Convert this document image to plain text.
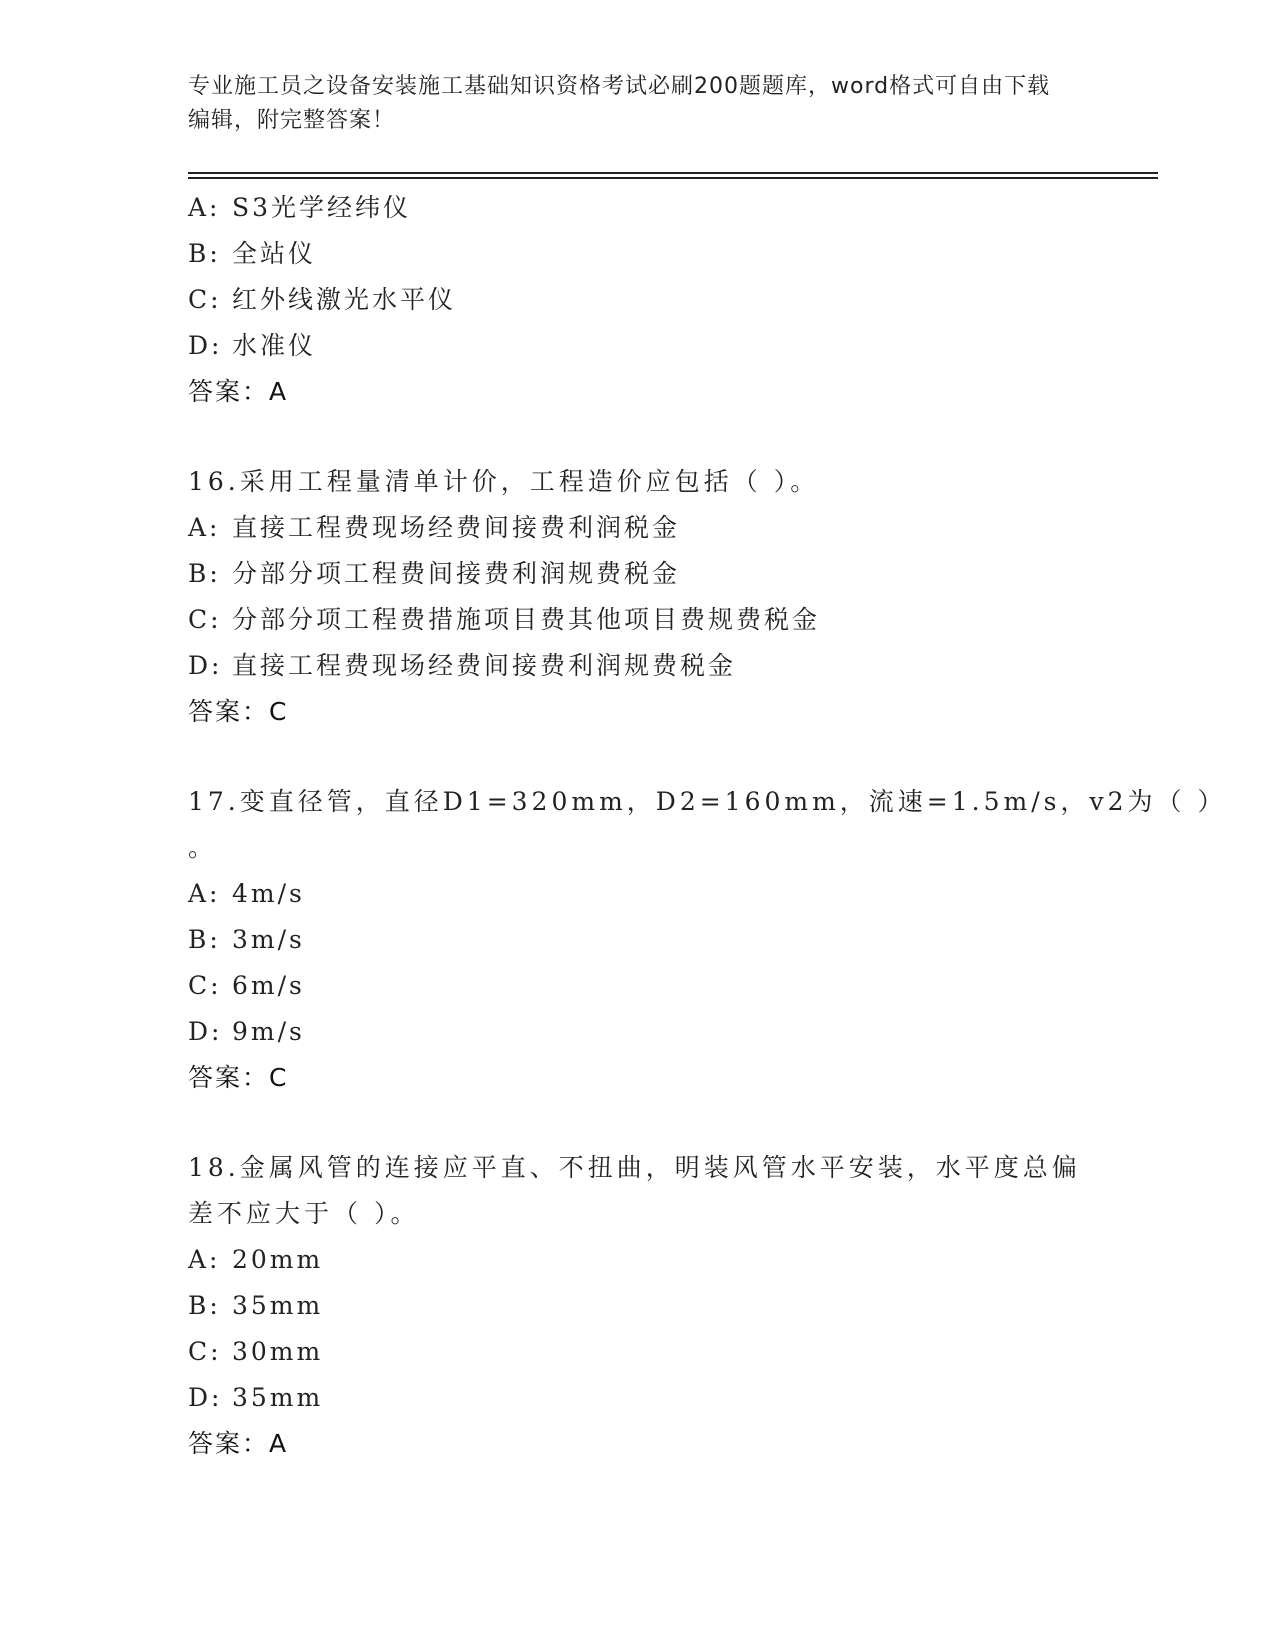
专业施工员之设备安装施工基础知识资格考试必刷200题题库，word格式可自由下载编辑，附完整答案！
A: S3光学经纬仪
B: 全站仪
C: 红外线激光水平仪
D: 水准仪
答案：A
16.采用工程量清单计价，工程造价应包括（ ）。
A: 直接工程费现场经费间接费利润税金
B: 分部分项工程费间接费利润规费税金
C: 分部分项工程费措施项目费其他项目费规费税金
D: 直接工程费现场经费间接费利润规费税金
答案：C
17.变直径管，直径D1=320mm，D2=160mm，流速=1.5m/s，v2为（ ）
。
A: 4m/s
B: 3m/s
C: 6m/s
D: 9m/s
答案：C
18.金属风管的连接应平直、不扭曲，明装风管水平安装，水平度总偏
差不应大于（ ）。
A: 20mm
B: 35mm
C: 30mm
D: 35mm
答案：A
